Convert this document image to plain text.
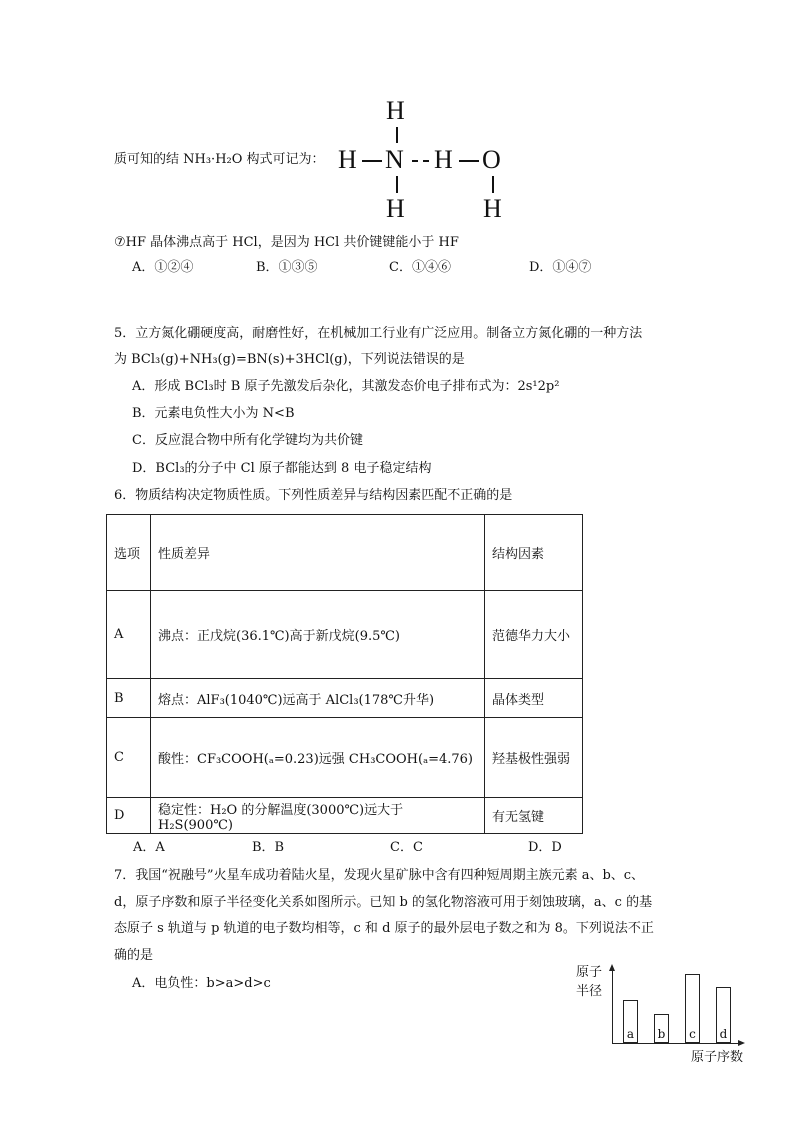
质可知的结 NH₃·H₂O 构式可记为：
H
H N H O
H	H
⑦HF 晶体沸点高于 HCl，是因为 HCl 共价键键能小于 HF
A．①②④	B．①③⑤	C．①④⑥	D．①④⑦
5．立方氮化硼硬度高，耐磨性好，在机械加工行业有广泛应用。制备立方氮化硼的一种方法
为 BCl₃(g)+NH₃(g)=BN(s)+3HCl(g)，下列说法错误的是
A．形成 BCl₃时 B 原子先激发后杂化，其激发态价电子排布式为：2s¹2p²
B．元素电负性大小为 N<B
C．反应混合物中所有化学键均为共价键
D．BCl₃的分子中 Cl 原子都能达到 8 电子稳定结构
6．物质结构决定物质性质。下列性质差异与结构因素匹配不正确的是
选项	性质差异	结构因素
A	沸点：正戊烷(36.1℃)高于新戊烷(9.5℃)	范德华力大小
B	熔点：AlF₃(1040℃)远高于 AlCl₃(178℃升华)	晶体类型
C	酸性：CF₃COOH(ₐ=0.23)远强 CH₃COOH(ₐ=4.76)	羟基极性强弱
D	稳定性：H₂O 的分解温度(3000℃)远大于 H₂S(900℃)	有无氢键
A．A	B．B	C．C	D．D
7．我国“祝融号”火星车成功着陆火星，发现火星矿脉中含有四种短周期主族元素 a、b、c、
d，原子序数和原子半径变化关系如图所示。已知 b 的氢化物溶液可用于刻蚀玻璃，a、c 的基
态原子 s 轨道与 p 轨道的电子数均相等，c 和 d 原子的最外层电子数之和为 8。下列说法不正
确的是
A．电负性：b>a>d>c
原子
半径
a b c d
原子序数
